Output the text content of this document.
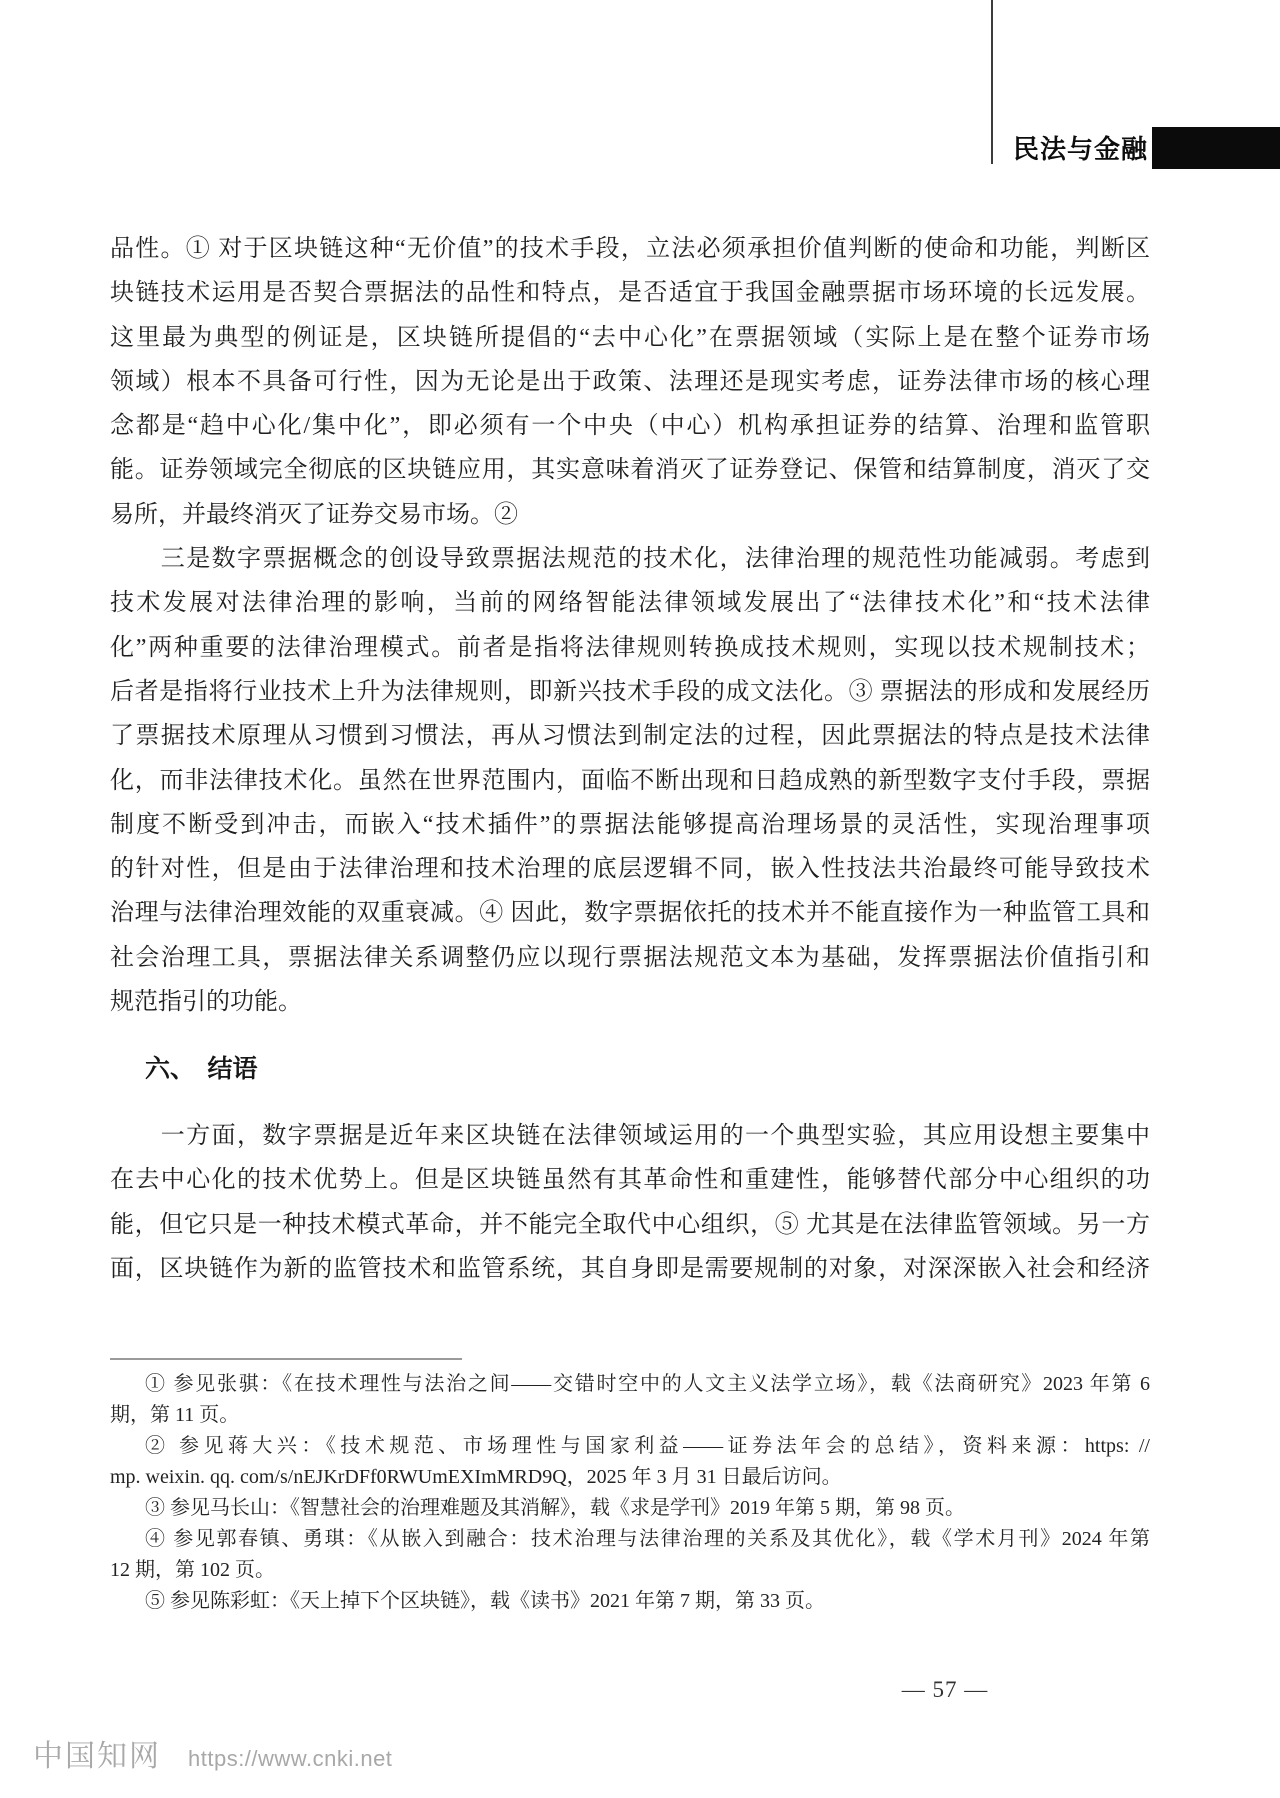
民法与金融
品性。① 对于区块链这种“无价值”的技术手段，立法必须承担价值判断的使命和功能，判断区
块链技术运用是否契合票据法的品性和特点，是否适宜于我国金融票据市场环境的长远发展。
这里最为典型的例证是，区块链所提倡的“去中心化”在票据领域（实际上是在整个证券市场
领域）根本不具备可行性，因为无论是出于政策、法理还是现实考虑，证券法律市场的核心理
念都是“趋中心化/集中化”，即必须有一个中央（中心）机构承担证券的结算、治理和监管职
能。证券领域完全彻底的区块链应用，其实意味着消灭了证券登记、保管和结算制度，消灭了交
易所，并最终消灭了证券交易市场。②
　　三是数字票据概念的创设导致票据法规范的技术化，法律治理的规范性功能减弱。考虑到
技术发展对法律治理的影响，当前的网络智能法律领域发展出了“法律技术化”和“技术法律
化”两种重要的法律治理模式。前者是指将法律规则转换成技术规则，实现以技术规制技术；
后者是指将行业技术上升为法律规则，即新兴技术手段的成文法化。③ 票据法的形成和发展经历
了票据技术原理从习惯到习惯法，再从习惯法到制定法的过程，因此票据法的特点是技术法律
化，而非法律技术化。虽然在世界范围内，面临不断出现和日趋成熟的新型数字支付手段，票据
制度不断受到冲击，而嵌入“技术插件”的票据法能够提高治理场景的灵活性，实现治理事项
的针对性，但是由于法律治理和技术治理的底层逻辑不同，嵌入性技法共治最终可能导致技术
治理与法律治理效能的双重衰减。④ 因此，数字票据依托的技术并不能直接作为一种监管工具和
社会治理工具，票据法律关系调整仍应以现行票据法规范文本为基础，发挥票据法价值指引和
规范指引的功能。
六、　结语
　　一方面，数字票据是近年来区块链在法律领域运用的一个典型实验，其应用设想主要集中
在去中心化的技术优势上。但是区块链虽然有其革命性和重建性，能够替代部分中心组织的功
能，但它只是一种技术模式革命，并不能完全取代中心组织，⑤ 尤其是在法律监管领域。另一方
面，区块链作为新的监管技术和监管系统，其自身即是需要规制的对象，对深深嵌入社会和经济
① 参见张骐：《在技术理性与法治之间——交错时空中的人文主义法学立场》，载《法商研究》2023 年第 6
期，第 11 页。
② 参见蒋大兴：《技术规范、市场理性与国家利益——证券法年会的总结》，资料来源：https: //
mp. weixin. qq. com/s/nEJKrDFf0RWUmEXImMRD9Q，2025 年 3 月 31 日最后访问。
③ 参见马长山：《智慧社会的治理难题及其消解》，载《求是学刊》2019 年第 5 期，第 98 页。
④ 参见郭春镇、勇琪：《从嵌入到融合：技术治理与法律治理的关系及其优化》，载《学术月刊》2024 年第
12 期，第 102 页。
⑤ 参见陈彩虹：《天上掉下个区块链》，载《读书》2021 年第 7 期，第 33 页。
— 57 —
中国知网 https://www.cnki.net
